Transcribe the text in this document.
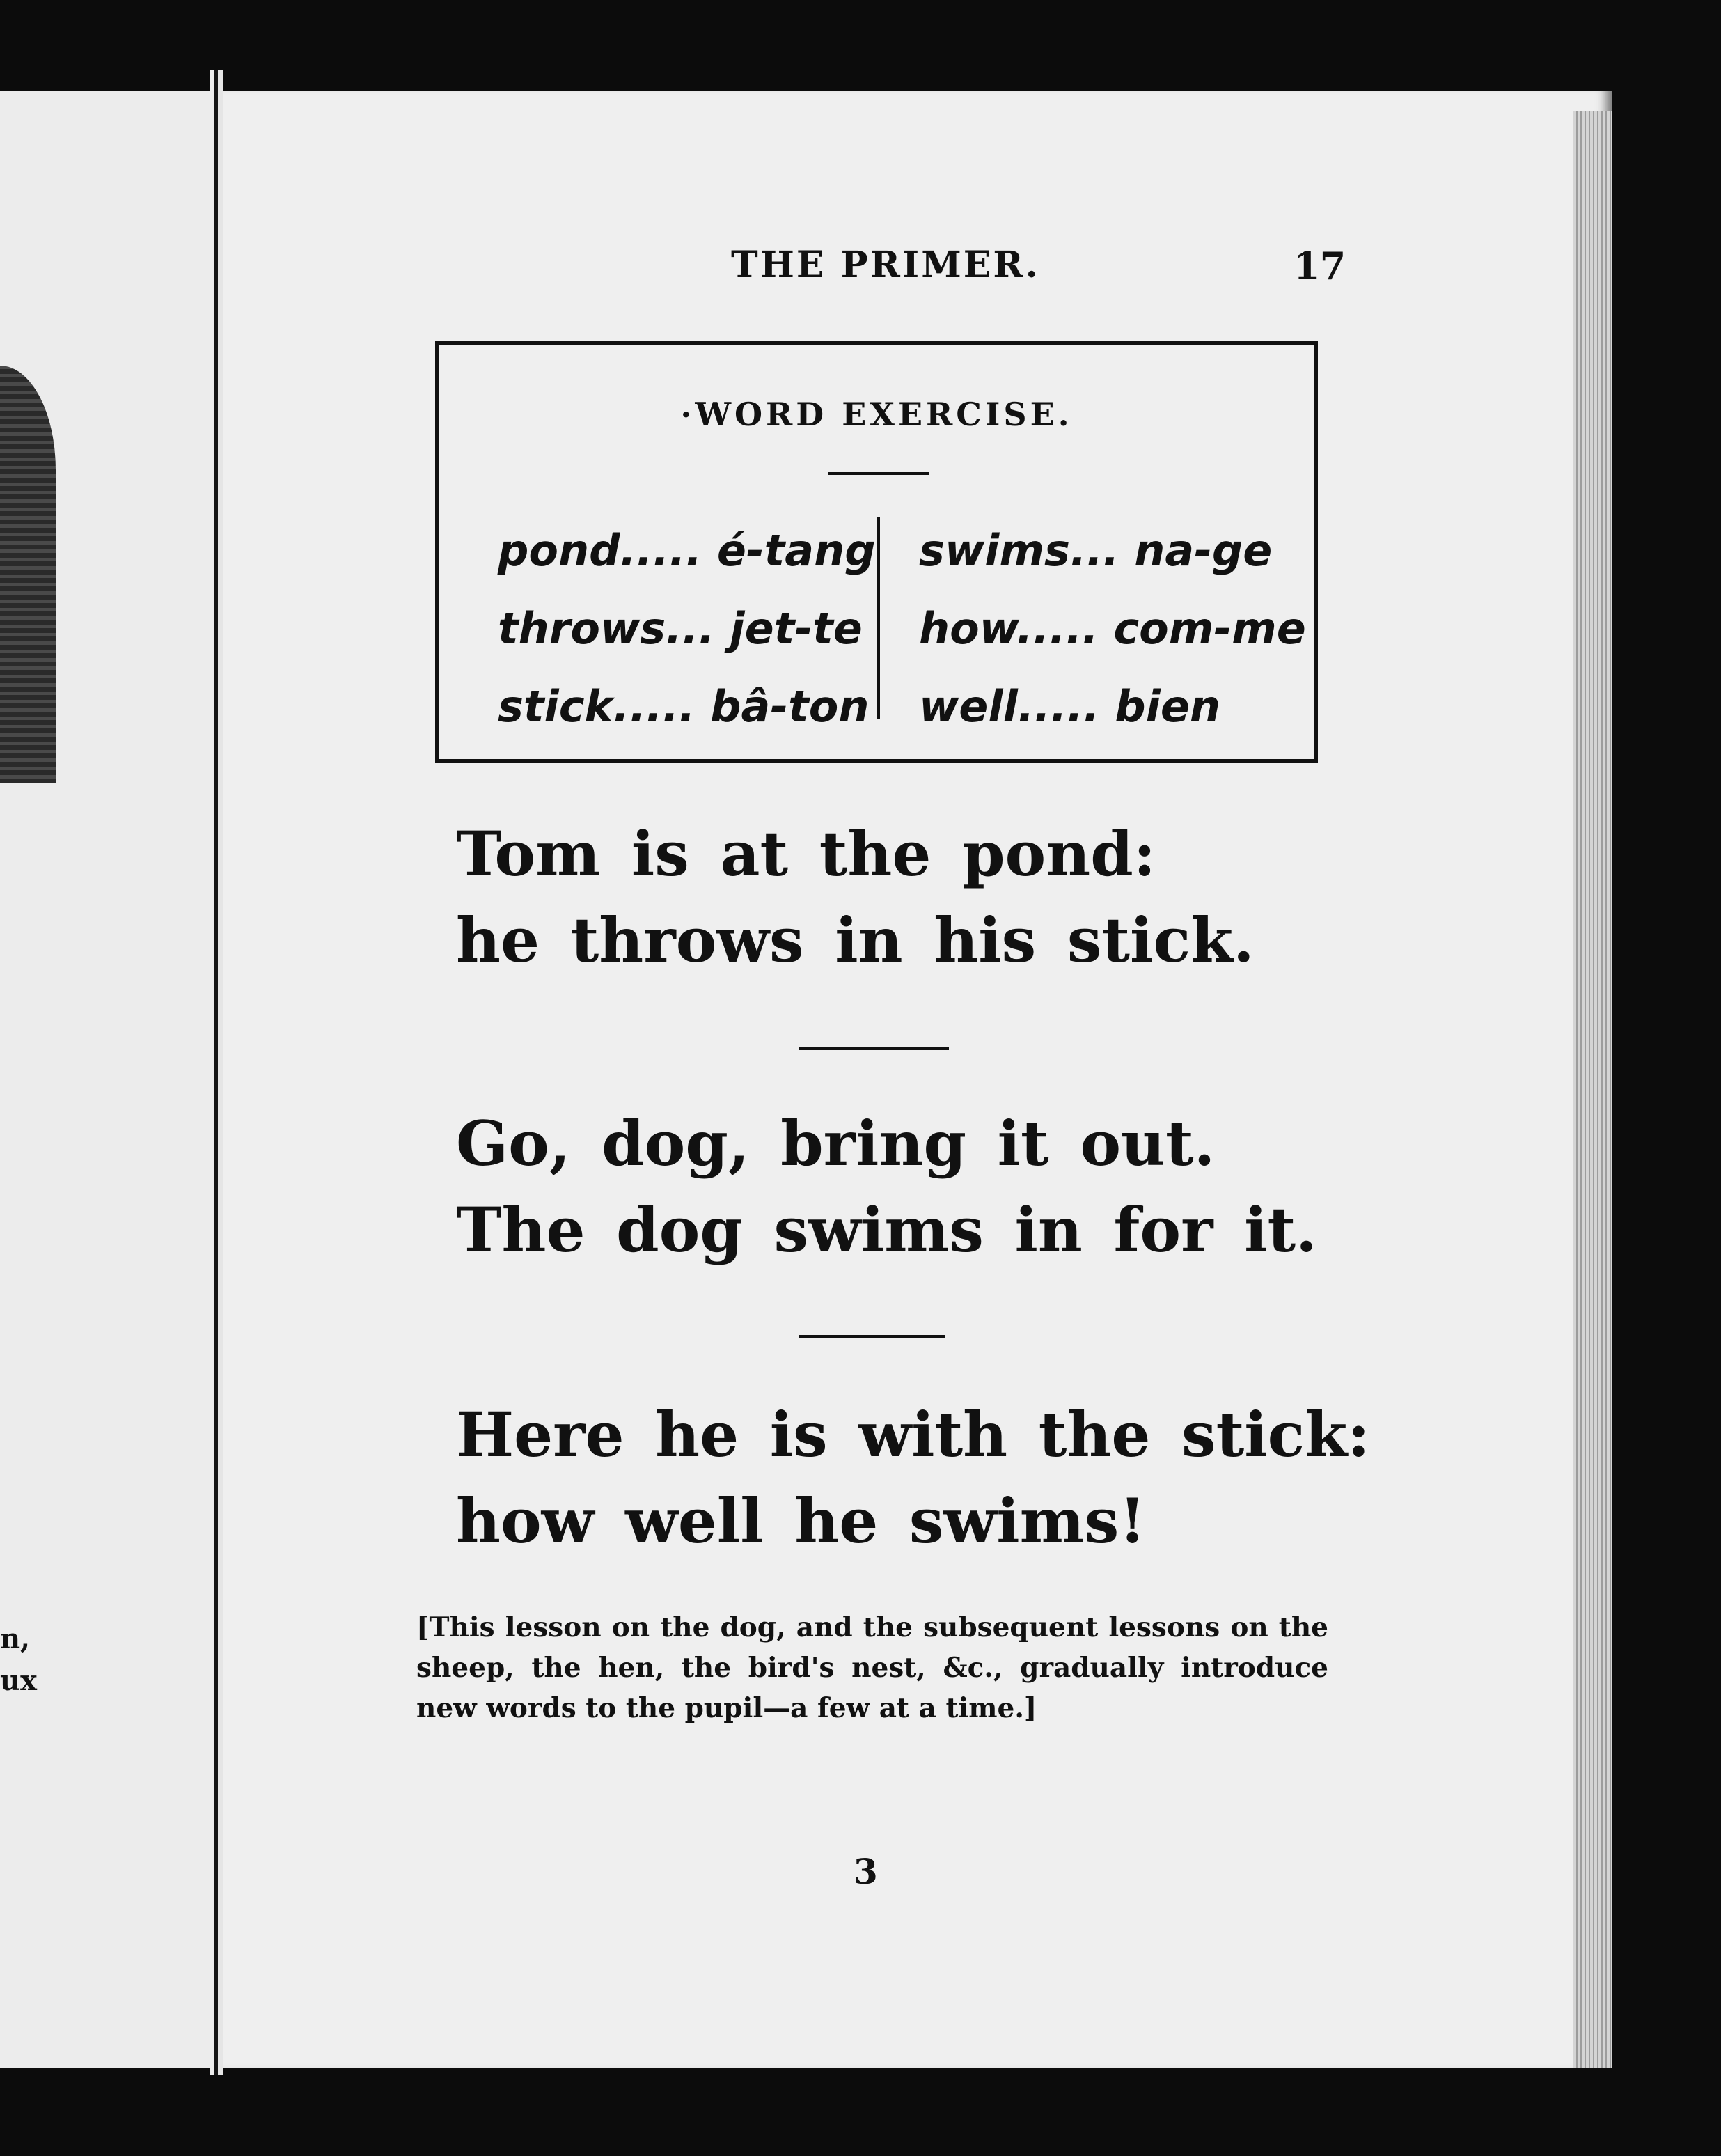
n,
ux
THE PRIMER.	17
·WORD EXERCISE.
pond..... é-tang
throws... jet-te
stick..... bâ-ton
swims... na-ge
how..... com-me
well..... bien
Tom is at the pond:
he throws in his stick.
Go, dog, bring it out.
The dog swims in for it.
Here he is with the stick:
how well he swims!
[This lesson on the dog, and the subsequent lessons on the sheep, the hen, the bird's nest, &c., gradually introduce new words to the pupil—a few at a time.]
3
